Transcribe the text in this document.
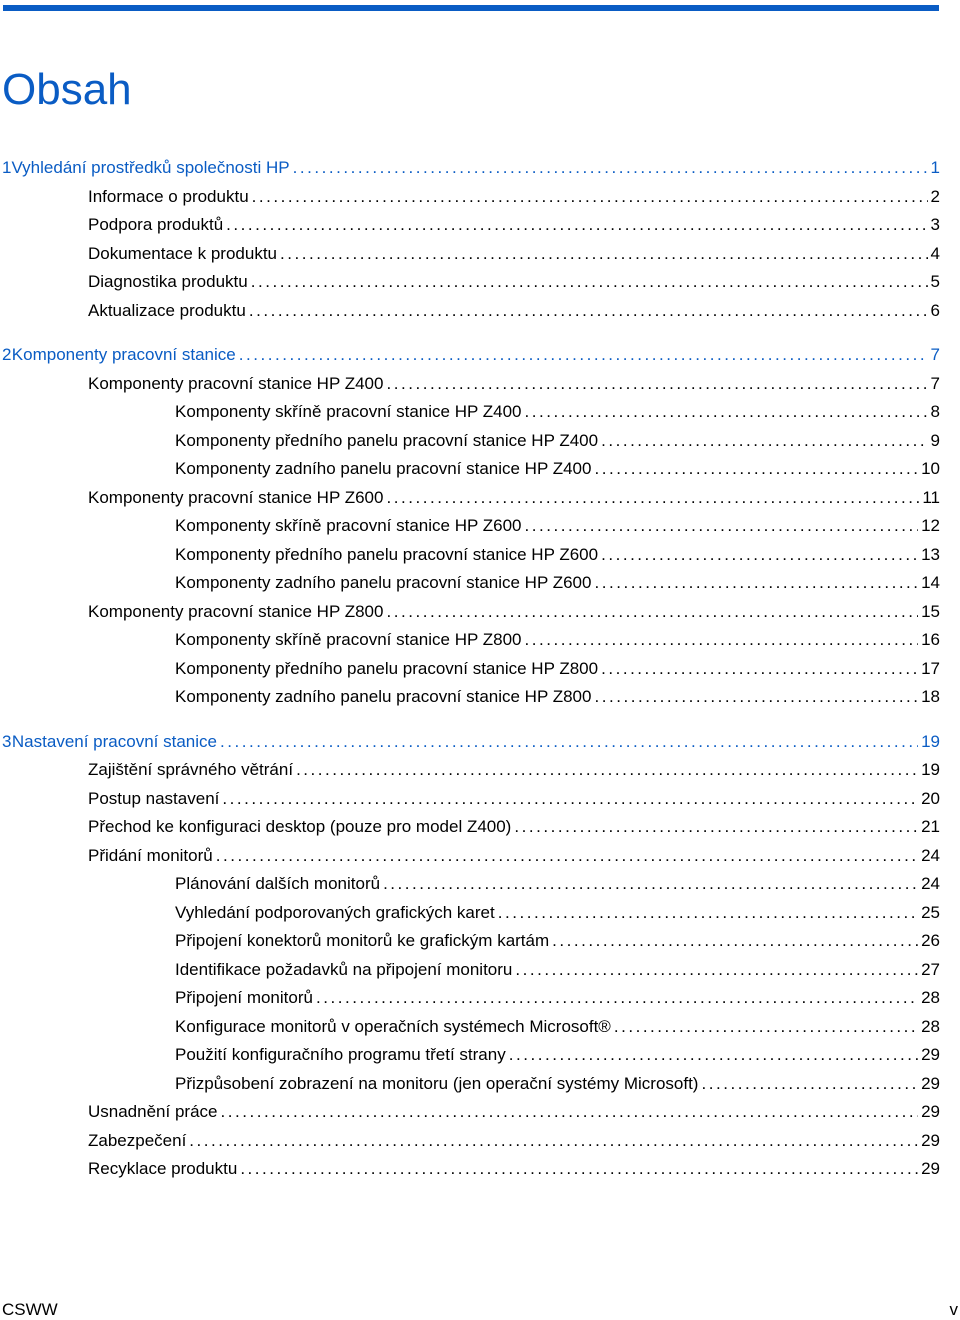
Obsah
1 Vyhledání prostředků společnosti HP . . .	1
Informace o produktu . . .	2
Podpora produktů . . .	3
Dokumentace k produktu . . .	4
Diagnostika produktu . . .	5
Aktualizace produktu . . .	6
2 Komponenty pracovní stanice . . .	7
Komponenty pracovní stanice HP Z400 . . .	7
Komponenty skříně pracovní stanice HP Z400 . . .	8
Komponenty předního panelu pracovní stanice HP Z400 . . .	9
Komponenty zadního panelu pracovní stanice HP Z400 . . .	10
Komponenty pracovní stanice HP Z600 . . .	11
Komponenty skříně pracovní stanice HP Z600 . . .	12
Komponenty předního panelu pracovní stanice HP Z600 . . .	13
Komponenty zadního panelu pracovní stanice HP Z600 . . .	14
Komponenty pracovní stanice HP Z800 . . .	15
Komponenty skříně pracovní stanice HP Z800 . . .	16
Komponenty předního panelu pracovní stanice HP Z800 . . .	17
Komponenty zadního panelu pracovní stanice HP Z800 . . .	18
3 Nastavení pracovní stanice . . .	19
Zajištění správného větrání . . .	19
Postup nastavení . . .	20
Přechod ke konfiguraci desktop (pouze pro model Z400) . . .	21
Přidání monitorů . . .	24
Plánování dalších monitorů . . .	24
Vyhledání podporovaných grafických karet . . .	25
Připojení konektorů monitorů ke grafickým kartám . . .	26
Identifikace požadavků na připojení monitoru . . .	27
Připojení monitorů . . .	28
Konfigurace monitorů v operačních systémech Microsoft® . . .	28
Použití konfiguračního programu třetí strany . . .	29
Přizpůsobení zobrazení na monitoru (jen operační systémy Microsoft) . . .	29
Usnadnění práce . . .	29
Zabezpečení . . .	29
Recyklace produktu . . .	29
CSWW	v
